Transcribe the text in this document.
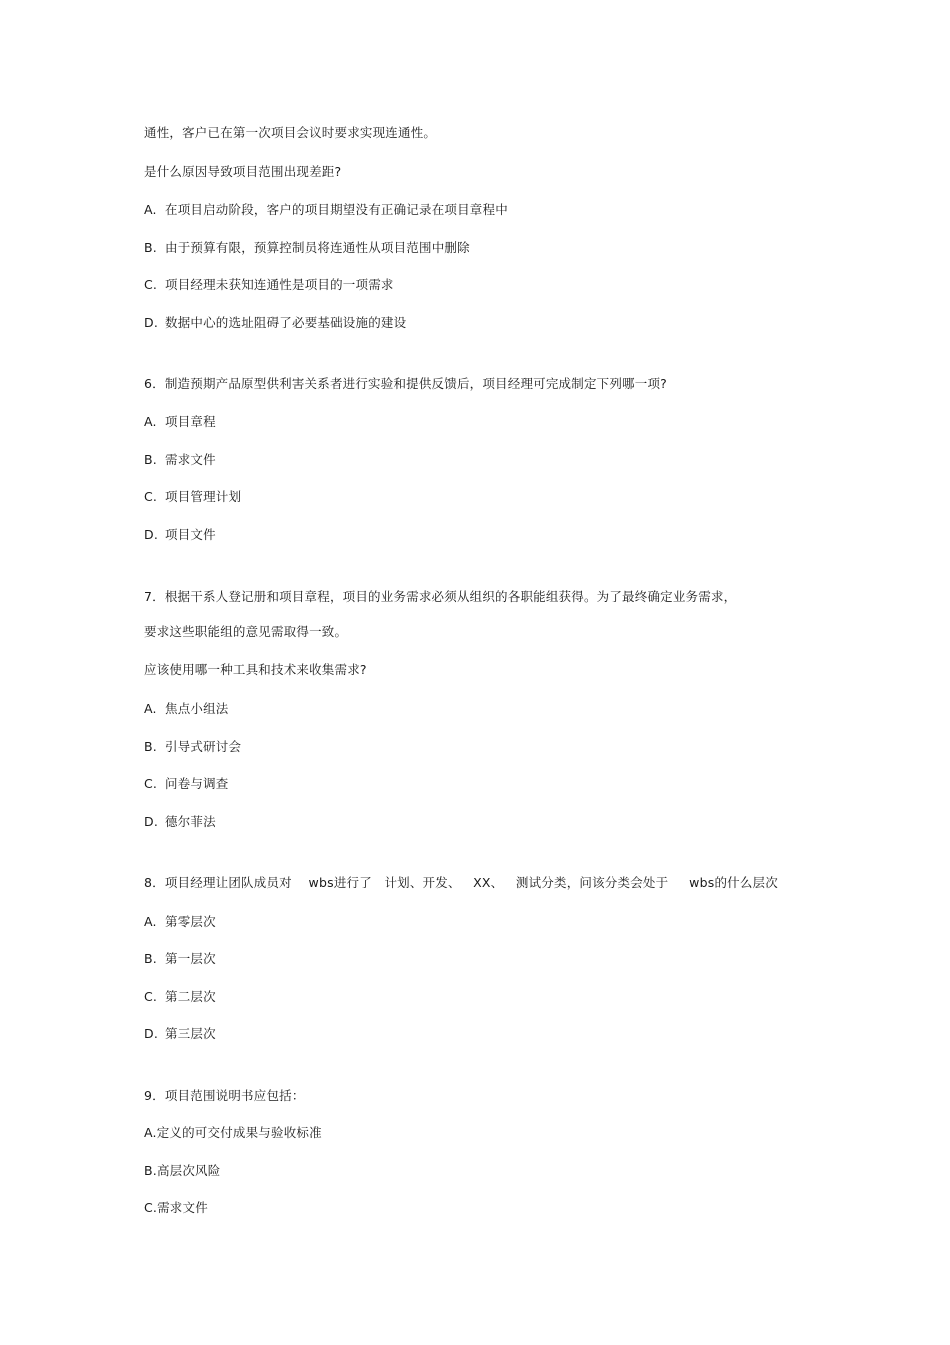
通性，客户已在第一次项目会议时要求实现连通性。
是什么原因导致项目范围出现差距?
A. 在项目启动阶段，客户的项目期望没有正确记录在项目章程中
B. 由于预算有限，预算控制员将连通性从项目范围中删除
C. 项目经理未获知连通性是项目的一项需求
D. 数据中心的选址阻碍了必要基础设施的建设
6．制造预期产品原型供利害关系者进行实验和提供反馈后，项目经理可完成制定下列哪一项?
A. 项目章程
B. 需求文件
C. 项目管理计划
D. 项目文件
7．根据干系人登记册和项目章程，项目的业务需求必须从组织的各职能组获得。为了最终确定业务需求，
要求这些职能组的意见需取得一致。
应该使用哪一种工具和技术来收集需求?
A. 焦点小组法
B. 引导式研讨会
C. 问卷与调查
D. 德尔菲法
8．项目经理让团队成员对    wbs进行了   计划、开发、   XX、   测试分类，问该分类会处于     wbs的什么层次
A. 第零层次
B. 第一层次
C. 第二层次
D. 第三层次
9．项目范围说明书应包括：
A.定义的可交付成果与验收标准
B.高层次风险
C.需求文件
